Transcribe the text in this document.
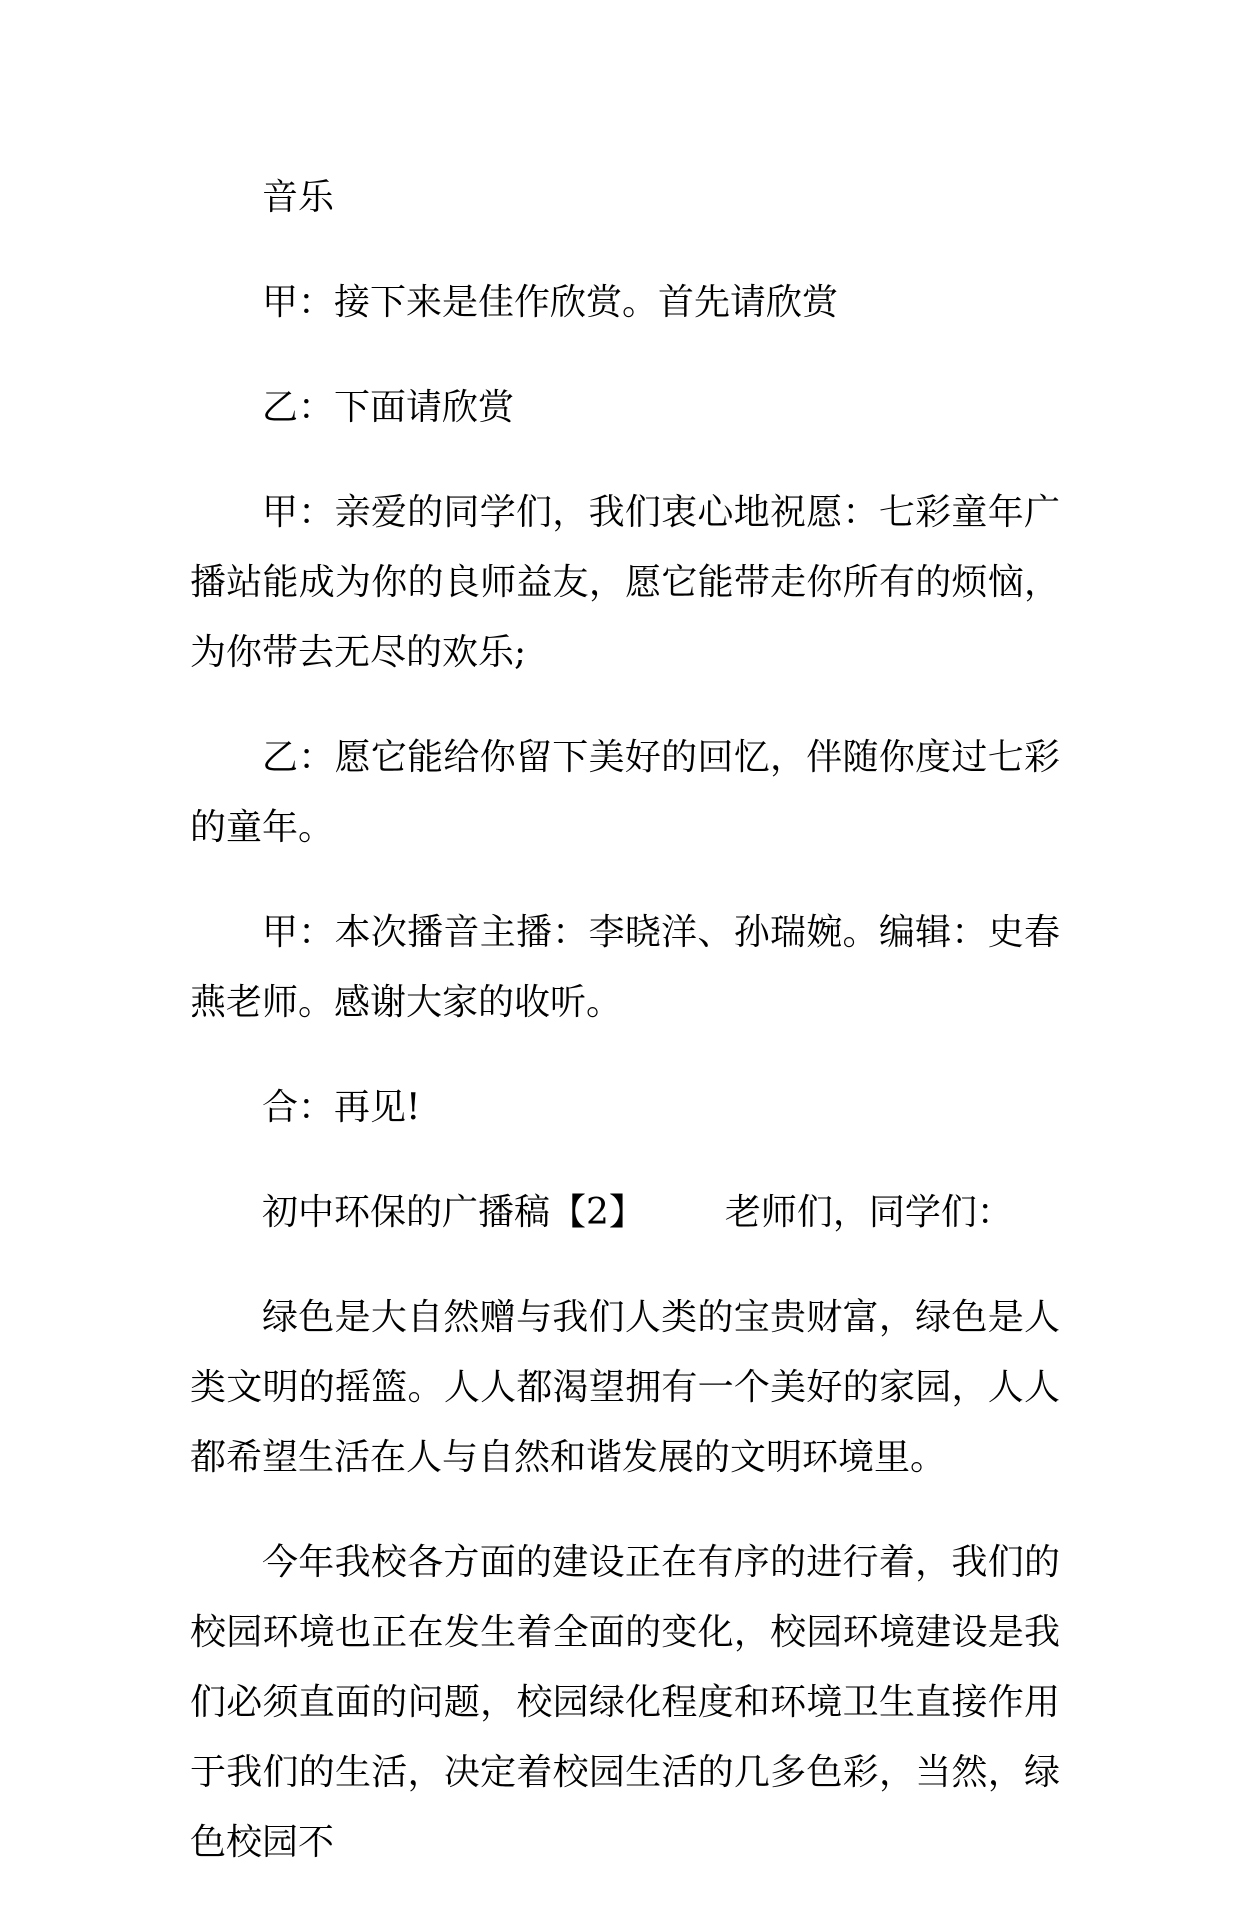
音乐

甲：接下来是佳作欣赏。首先请欣赏

乙：下面请欣赏

甲：亲爱的同学们，我们衷心地祝愿：七彩童年广播站能成为你的良师益友，愿它能带走你所有的烦恼，为你带去无尽的欢乐;

乙：愿它能给你留下美好的回忆，伴随你度过七彩的童年。

甲：本次播音主播：李晓洋、孙瑞婉。编辑：史春燕老师。感谢大家的收听。

合：再见!

初中环保的广播稿【2】 老师们，同学们：

绿色是大自然赠与我们人类的宝贵财富，绿色是人类文明的摇篮。人人都渴望拥有一个美好的家园，人人都希望生活在人与自然和谐发展的文明环境里。

今年我校各方面的建设正在有序的进行着，我们的校园环境也正在发生着全面的变化，校园环境建设是我们必须直面的问题，校园绿化程度和环境卫生直接作用于我们的生活，决定着校园生活的几多色彩，当然，绿色校园不
